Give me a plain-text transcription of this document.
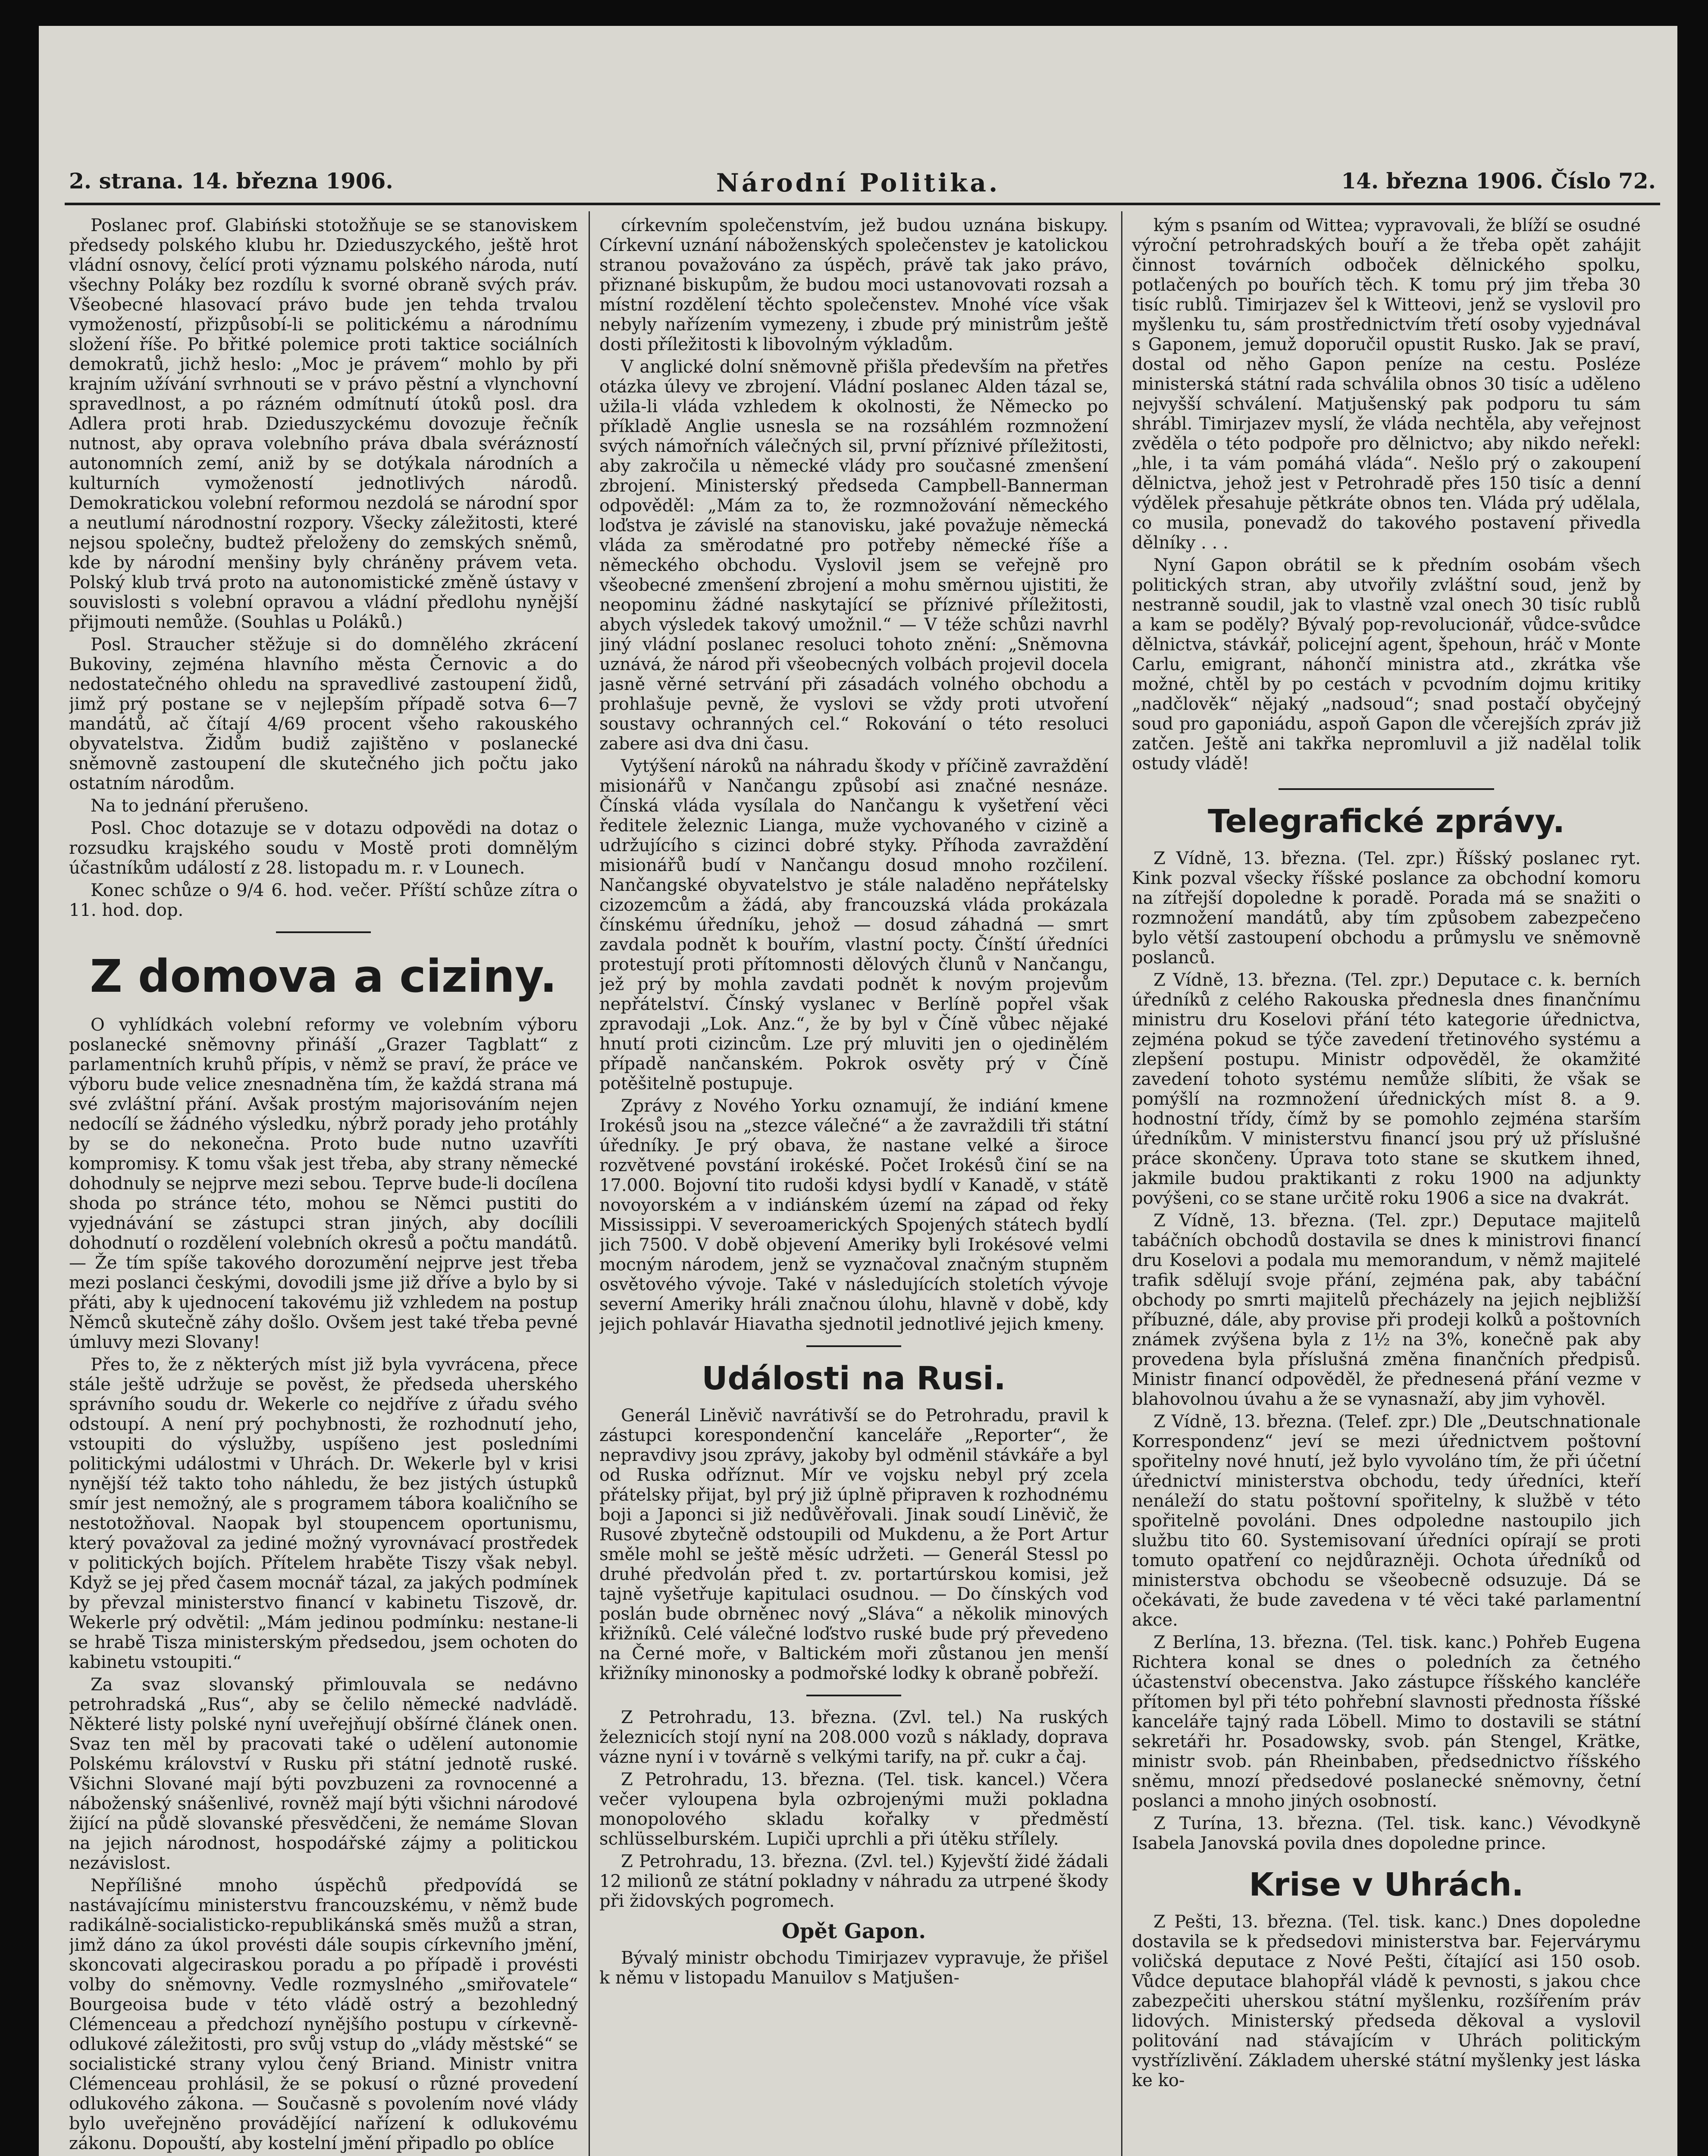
2. strana. 14. března 1906.	Národní Politika.	14. března 1906. Číslo 72.

Poslanec prof. Glabiński stotožňuje se se stanoviskem předsedy polského klubu hr. Dzieduszyckého, ještě hrot vládní osnovy, čelící proti významu polského národa, nutí všechny Poláky bez rozdílu k svorné obraně svých práv. Všeobecné hlasovací právo bude jen tehda trvalou vymožeností, přizpůsobí-li se politickému a národnímu složení říše. Po břitké polemice proti taktice sociálních demokratů, jichž heslo: „Moc je právem“ mohlo by při krajním užívání svrhnouti se v právo pěstní a vlynchovní spravedlnost, a po rázném odmítnutí útoků posl. dra Adlera proti hrab. Dzieduszyckému dovozuje řečník nutnost, aby oprava volebního práva dbala svérázností autonomních zemí, aniž by se dotýkala národních a kulturních vymožeností jednotlivých národů. Demokratickou volební reformou nezdolá se národní spor a neutlumí národnostní rozpory. Všecky záležitosti, které nejsou společny, budtež přeloženy do zemských sněmů, kde by národní menšiny byly chráněny právem veta. Polský klub trvá proto na autonomistické změně ústavy v souvislosti s volební opravou a vládní předlohu nynější přijmouti nemůže. (Souhlas u Poláků.)

Posl. Straucher stěžuje si do domnělého zkrácení Bukoviny, zejména hlavního města Černovic a do nedostatečného ohledu na spravedlivé zastoupení židů, jimž prý postane se v nejlepším případě sotva 6—7 mandátů, ač čítají 4/69 procent všeho rakouského obyvatelstva. Židům budiž zajištěno v poslanecké sněmovně zastoupení dle skutečného jich počtu jako ostatním národům.

Na to jednání přerušeno.

Posl. Choc dotazuje se v dotazu odpovědi na dotaz o rozsudku krajského soudu v Mostě proti domnělým účastníkům událostí z 28. listopadu m. r. v Lounech.

Konec schůze o 9/4 6. hod. večer. Příští schůze zítra o 11. hod. dop.

Z domova a ciziny.

O vyhlídkách volební reformy ve volebním výboru poslanecké sněmovny přináší „Grazer Tagblatt“ z parlamentních kruhů přípis, v němž se praví, že práce ve výboru bude velice znesnadněna tím, že každá strana má své zvláštní přání. Avšak prostým majorisováním nejen nedocílí se žádného výsledku, nýbrž porady jeho protáhly by se do nekonečna. Proto bude nutno uzavříti kompromisy. K tomu však jest třeba, aby strany německé dohodnuly se nejprve mezi sebou. Teprve bude-li docílena shoda po stránce této, mohou se Němci pustiti do vyjednávání se zástupci stran jiných, aby docílili dohodnutí o rozdělení volebních okresů a počtu mandátů. — Že tím spíše takového dorozumění nejprve jest třeba mezi poslanci českými, dovodili jsme již dříve a bylo by si přáti, aby k ujednocení takovému již vzhledem na postup Němců skutečně záhy došlo. Ovšem jest také třeba pevné úmluvy mezi Slovany!

Přes to, že z některých míst již byla vyvrácena, přece stále ještě udržuje se pověst, že předseda uherského správního soudu dr. Wekerle co nejdříve z úřadu svého odstoupí. A není prý pochybnosti, že rozhodnutí jeho, vstoupiti do výslužby, uspíšeno jest posledními politickými událostmi v Uhrách. Dr. Wekerle byl v krisi nynější též takto toho náhledu, že bez jistých ústupků smír jest nemožný, ale s programem tábora koaličního se nestotožňoval. Naopak byl stoupencem oportunismu, který považoval za jediné možný vyrovnávací prostředek v politických bojích. Přítelem hraběte Tiszy však nebyl. Když se jej před časem mocnář tázal, za jakých podmínek by převzal ministerstvo financí v kabinetu Tiszově, dr. Wekerle prý odvětil: „Mám jedinou podmínku: nestane-li se hrabě Tisza ministerským předsedou, jsem ochoten do kabinetu vstoupiti.“

Za svaz slovanský přimlouvala se nedávno petrohradská „Rus“, aby se čelilo německé nadvládě. Některé listy polské nyní uveřejňují obšírné článek onen. Svaz ten měl by pracovati také o udělení autonomie Polskému království v Rusku při státní jednotě ruské. Všichni Slované mají býti povzbuzeni za rovnocenné a náboženský snášenlivé, rovněž mají býti všichni národové žijící na půdě slovanské přesvědčeni, že nemáme Slovan na jejich národnost, hospodářské zájmy a politickou nezávislost.

Nepřílišné mnoho úspěchů předpovídá se nastávajícímu ministerstvu francouzskému, v němž bude radikálně-socialisticko-republikánská směs mužů a stran, jimž dáno za úkol provésti dále soupis církevního jmění, skoncovati algeciraskou poradu a po případě i provésti volby do sněmovny. Vedle rozmyslného „smiřovatele“ Bourgeoisa bude v této vládě ostrý a bezohledný Clémenceau a předchozí nynějšího postupu v církevně-odlukové záležitosti, pro svůj vstup do „vlády městské“ se socialistické strany vylou čený Briand. Ministr vnitra Clémenceau prohlásil, že se pokusí o různé provedení odlukového zákona. — Současně s povolením nové vlády bylo uveřejněno provádějící nařízení k odlukovému zákonu. Dopouští, aby kostelní jmění připadlo po oblíce

církevním společenstvím, jež budou uznána biskupy. Církevní uznání náboženských společenstev je katolickou stranou považováno za úspěch, právě tak jako právo, přiznané biskupům, že budou moci ustanovovati rozsah a místní rozdělení těchto společenstev. Mnohé více však nebyly nařízením vymezeny, i zbude prý ministrům ještě dosti příležitosti k libovolným výkladům.

V anglické dolní sněmovně přišla především na přetřes otázka úlevy ve zbrojení. Vládní poslanec Alden tázal se, užila-li vláda vzhledem k okolnosti, že Německo po příkladě Anglie usnesla se na rozsáhlém rozmnožení svých námořních válečných sil, první příznivé příležitosti, aby zakročila u německé vlády pro současné zmenšení zbrojení. Ministerský předseda Campbell-Bannerman odpověděl: „Mám za to, že rozmnožování německého loďstva je závislé na stanovisku, jaké považuje německá vláda za směrodatné pro potřeby německé říše a německého obchodu. Vyslovil jsem se veřejně pro všeobecné zmenšení zbrojení a mohu směrnou ujistiti, že neopominu žádné naskytající se příznivé příležitosti, abych výsledek takový umožnil.“ — V téže schůzi navrhl jiný vládní poslanec resoluci tohoto znění: „Sněmovna uznává, že národ při všeobecných volbách projevil docela jasně věrné setrvání při zásadách volného obchodu a prohlašuje pevně, že vyslovi se vždy proti utvoření soustavy ochranných cel.“ Rokování o této resoluci zabere asi dva dni času.

Vytýšení nároků na náhradu škody v příčině zavraždění misionářů v Nančangu způsobí asi značné nesnáze. Čínská vláda vysílala do Nančangu k vyšetření věci ředitele železnic Lianga, muže vychovaného v cizině a udržujícího s cizinci dobré styky. Příhoda zavraždění misionářů budí v Nančangu dosud mnoho rozčilení. Nančangské obyvatelstvo je stále naladěno nepřátelsky cizozemcům a žádá, aby francouzská vláda prokázala čínskému úředníku, jehož — dosud záhadná — smrt zavdala podnět k bouřím, vlastní pocty. Čínští úředníci protestují proti přítomnosti dělových člunů v Nančangu, jež prý by mohla zavdati podnět k novým projevům nepřátelství. Čínský vyslanec v Berlíně popřel však zpravodaji „Lok. Anz.“, že by byl v Číně vůbec nějaké hnutí proti cizincům. Lze prý mluviti jen o ojedinělém případě nančanském. Pokrok osvěty prý v Číně potěšitelně postupuje.

Zprávy z Nového Yorku oznamují, že indiání kmene Irokésů jsou na „stezce válečné“ a že zavraždili tři státní úředníky. Je prý obava, že nastane velké a široce rozvětvené povstání irokéské. Počet Irokésů činí se na 17.000. Bojovní tito rudoši kdysi bydlí v Kanadě, v státě novoyorském a v indiánském území na západ od řeky Mississippi. V severoamerických Spojených státech bydlí jich 7500. V době objevení Ameriky byli Irokésové velmi mocným národem, jenž se vyznačoval značným stupněm osvětového vývoje. Také v následujících stoletích vývoje severní Ameriky hráli značnou úlohu, hlavně v době, kdy jejich pohlavár Hiavatha sjednotil jednotlivé jejich kmeny.

Události na Rusi.

Generál Liněvič navrátivší se do Petrohradu, pravil k zástupci korespondenční kanceláře „Reporter“, že nepravdivy jsou zprávy, jakoby byl odměnil stávkáře a byl od Ruska odříznut. Mír ve vojsku nebyl prý zcela přátelsky přijat, byl prý již úplně připraven k rozhodnému boji a Japonci si již nedůvěřovali. Jinak soudí Liněvič, že Rusové zbytečně odstoupili od Mukdenu, a že Port Artur směle mohl se ještě měsíc udržeti. — Generál Stessl po druhé předvolán před t. zv. portartúrskou komisi, jež tajně vyšetřuje kapitulaci osudnou. — Do čínských vod poslán bude obrněnec nový „Sláva“ a několik minových křižníků. Celé válečné loďstvo ruské bude prý převedeno na Černé moře, v Baltickém moři zůstanou jen menší křižníky minonosky a podmořské lodky k obraně pobřeží.

Z Petrohradu, 13. března. (Zvl. tel.) Na ruských železnicích stojí nyní na 208.000 vozů s náklady, doprava vázne nyní i v továrně s velkými tarify, na př. cukr a čaj.

Z Petrohradu, 13. března. (Tel. tisk. kancel.) Včera večer vyloupena byla ozbrojenými muži pokladna monopolového skladu kořalky v předměstí schlüsselburském. Lupiči uprchli a při útěku střílely.

Z Petrohradu, 13. března. (Zvl. tel.) Kyjevští židé žádali 12 milionů ze státní pokladny v náhradu za utrpené škody při židovských pogromech.

Opět Gapon.

Bývalý ministr obchodu Timirjazev vypravuje, že přišel k němu v listopadu Manuilov s Matjušen-

kým s psaním od Wittea; vypravovali, že blíží se osudné výroční petrohradských bouří a že třeba opět zahájit činnost továrních odboček dělnického spolku, potlačených po bouřích těch. K tomu prý jim třeba 30 tisíc rublů. Timirjazev šel k Witteovi, jenž se vyslovil pro myšlenku tu, sám prostřednictvím třetí osoby vyjednával s Gaponem, jemuž doporučil opustit Rusko. Jak se praví, dostal od něho Gapon peníze na cestu. Posléze ministerská státní rada schválila obnos 30 tisíc a uděleno nejvyšší schválení. Matjušenský pak podporu tu sám shrábl. Timirjazev myslí, že vláda nechtěla, aby veřejnost zvěděla o této podpoře pro dělnictvo; aby nikdo neřekl: „hle, i ta vám pomáhá vláda“. Nešlo prý o zakoupení dělnictva, jehož jest v Petrohradě přes 150 tisíc a denní výdělek přesahuje pětkráte obnos ten. Vláda prý udělala, co musila, ponevadž do takového postavení přivedla dělníky . . .

Nyní Gapon obrátil se k předním osobám všech politických stran, aby utvořily zvláštní soud, jenž by nestranně soudil, jak to vlastně vzal onech 30 tisíc rublů a kam se poděly? Bývalý pop-revolucionář, vůdce-svůdce dělnictva, stávkář, policejní agent, špehoun, hráč v Monte Carlu, emigrant, náhončí ministra atd., zkrátka vše možné, chtěl by po cestách v pcvodním dojmu kritiky „nadčlověk“ nějaký „nadsoud“; snad postačí obyčejný soud pro gaponiádu, aspoň Gapon dle včerejších zpráv již zatčen. Ještě ani takřka nepromluvil a již nadělal tolik ostudy vládě!

Telegrafické zprávy.

Z Vídně, 13. března. (Tel. zpr.) Říšský poslanec ryt. Kink pozval všecky říšské poslance za obchodní komoru na zítřejší dopoledne k poradě. Porada má se snažiti o rozmnožení mandátů, aby tím způsobem zabezpečeno bylo větší zastoupení obchodu a průmyslu ve sněmovně poslanců.

Z Vídně, 13. března. (Tel. zpr.) Deputace c. k. berních úředníků z celého Rakouska přednesla dnes finančnímu ministru dru Koselovi přání této kategorie úřednictva, zejména pokud se týče zavedení třetinového systému a zlepšení postupu. Ministr odpověděl, že okamžité zavedení tohoto systému nemůže slíbiti, že však se pomýšlí na rozmnožení úřednických míst 8. a 9. hodnostní třídy, čímž by se pomohlo zejména starším úředníkům. V ministerstvu financí jsou prý už příslušné práce skončeny. Úprava toto stane se skutkem ihned, jakmile budou praktikanti z roku 1900 na adjunkty povýšeni, co se stane určitě roku 1906 a sice na dvakrát.

Z Vídně, 13. března. (Tel. zpr.) Deputace majitelů tabáčních obchodů dostavila se dnes k ministrovi financí dru Koselovi a podala mu memorandum, v němž majitelé trafik sdělují svoje přání, zejména pak, aby tabáční obchody po smrti majitelů přecházely na jejich nejbližší příbuzné, dále, aby provise při prodeji kolků a poštovních známek zvýšena byla z 1½ na 3%, konečně pak aby provedena byla příslušná změna finančních předpisů. Ministr financí odpověděl, že přednesená přání vezme v blahovolnou úvahu a že se vynasnaží, aby jim vyhověl.

Z Vídně, 13. března. (Telef. zpr.) Dle „Deutschnationale Korrespondenz“ jeví se mezi úřednictvem poštovní spořitelny nové hnutí, jež bylo vyvoláno tím, že při účetní úřednictví ministerstva obchodu, tedy úředníci, kteří nenáleží do statu poštovní spořitelny, k službě v této spořitelně povoláni. Dnes odpoledne nastoupilo jich službu tito 60. Systemisovaní úředníci opírají se proti tomuto opatření co nejdůrazněji. Ochota úředníků od ministerstva obchodu se všeobecně odsuzuje. Dá se očekávati, že bude zavedena v té věci také parlamentní akce.

Z Berlína, 13. března. (Tel. tisk. kanc.) Pohřeb Eugena Richtera konal se dnes o poledních za četného účastenství obecenstva. Jako zástupce říšského kancléře přítomen byl při této pohřební slavnosti přednosta říšské kanceláře tajný rada Löbell. Mimo to dostavili se státní sekretáři hr. Posadowsky, svob. pán Stengel, Krätke, ministr svob. pán Rheinbaben, předsednictvo říšského sněmu, mnozí předsedové poslanecké sněmovny, četní poslanci a mnoho jiných osobností.

Z Turína, 13. března. (Tel. tisk. kanc.) Vévodkyně Isabela Janovská povila dnes dopoledne prince.

Krise v Uhrách.

Z Pešti, 13. března. (Tel. tisk. kanc.) Dnes dopoledne dostavila se k předsedovi ministerstva bar. Fejervárymu voličská deputace z Nové Pešti, čítající asi 150 osob. Vůdce deputace blahopřál vládě k pevnosti, s jakou chce zabezpečiti uherskou státní myšlenku, rozšířením práv lidových. Ministerský předseda děkoval a vyslovil politování nad stávajícím v Uhrách politickým vystřízlivění. Základem uherské státní myšlenky jest láska ke ko-
